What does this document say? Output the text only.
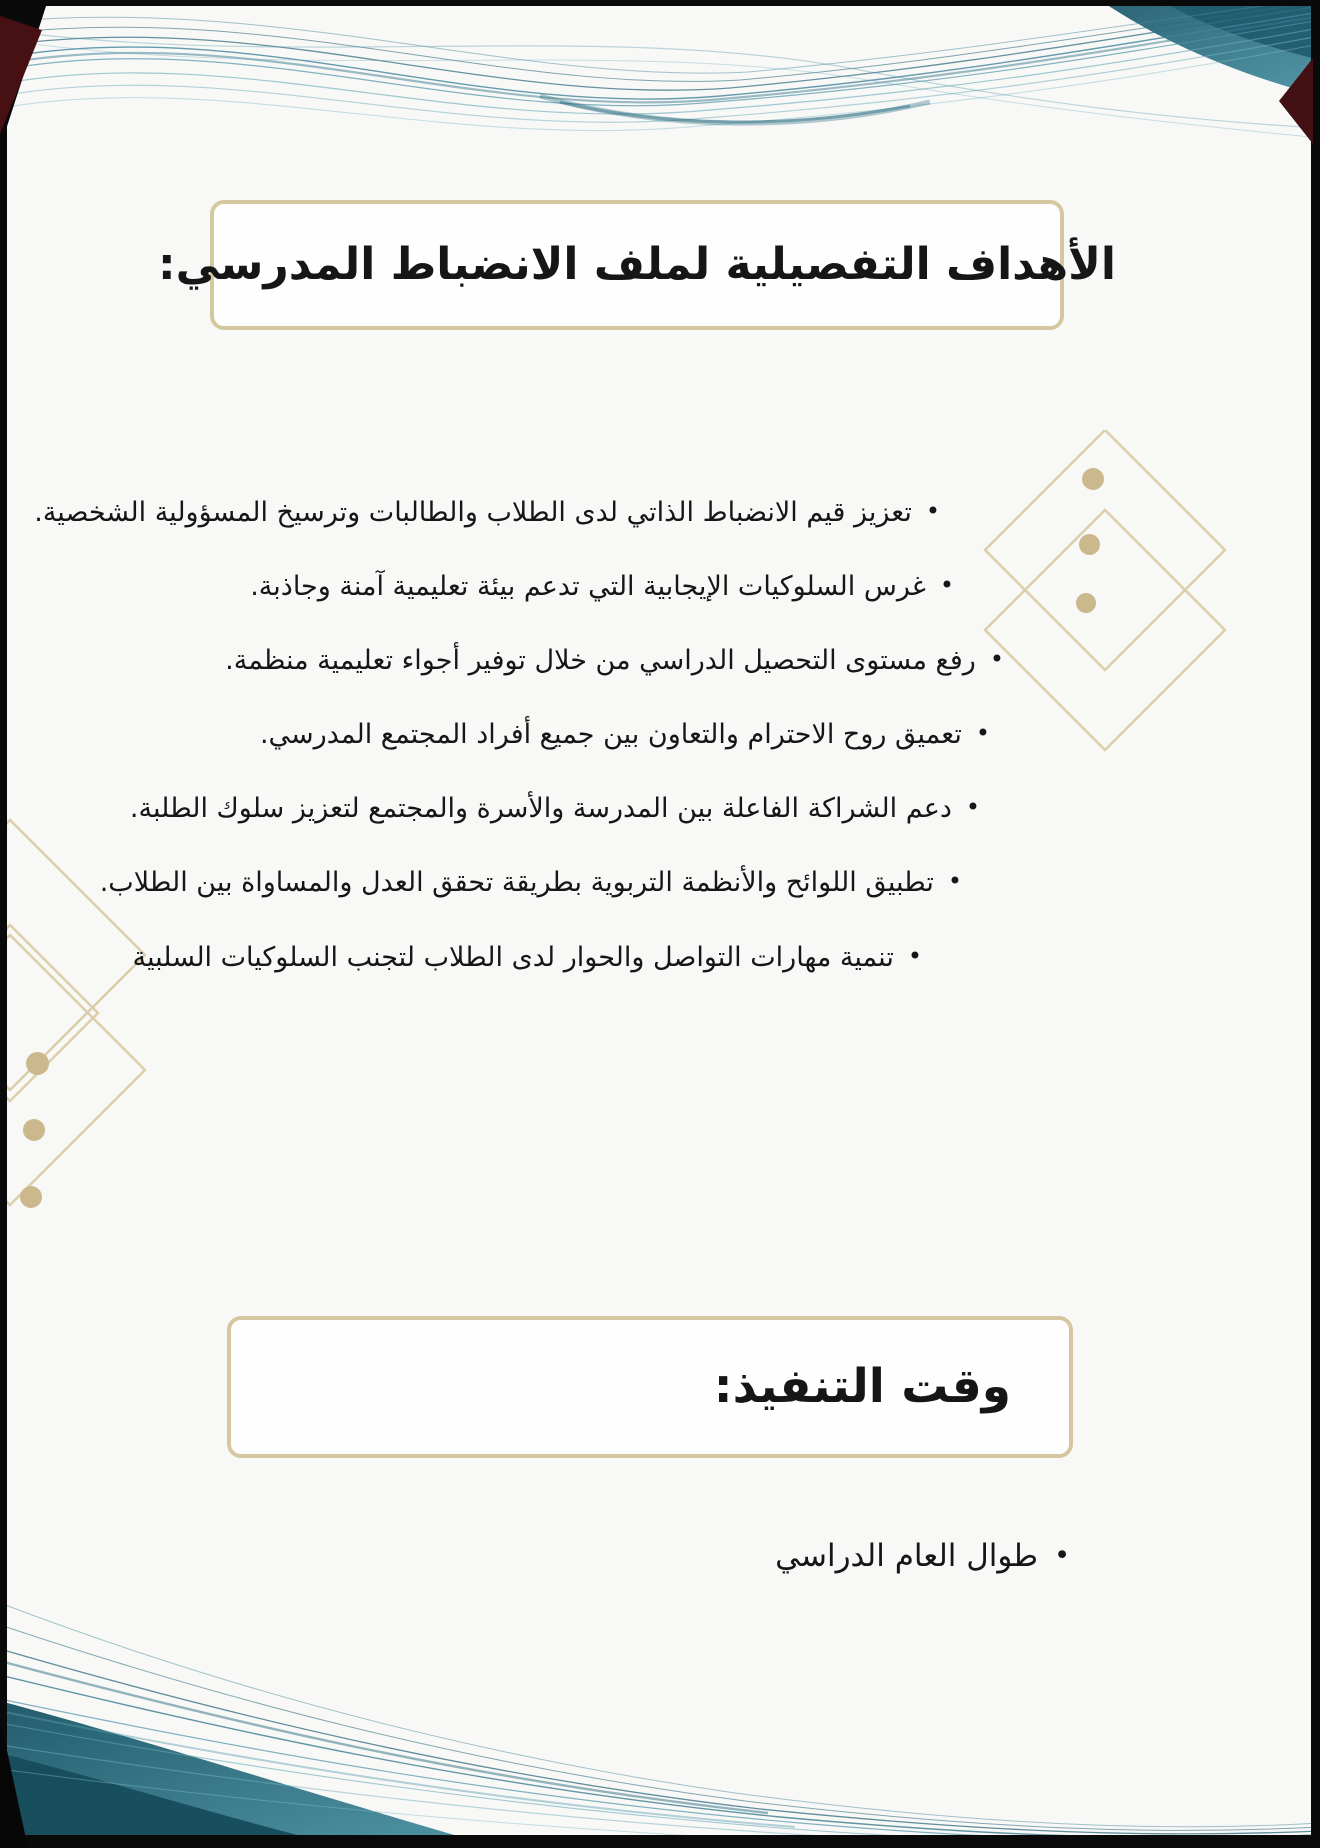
الأهداف التفصيلية لملف الانضباط المدرسي:
•تعزيز قيم الانضباط الذاتي لدى الطلاب والطالبات وترسيخ المسؤولية الشخصية.
•غرس السلوكيات الإيجابية التي تدعم بيئة تعليمية آمنة وجاذبة.
•رفع مستوى التحصيل الدراسي من خلال توفير أجواء تعليمية منظمة.
•تعميق روح الاحترام والتعاون بين جميع أفراد المجتمع المدرسي.
•دعم الشراكة الفاعلة بين المدرسة والأسرة والمجتمع لتعزيز سلوك الطلبة.
•تطبيق اللوائح والأنظمة التربوية بطريقة تحقق العدل والمساواة بين الطلاب.
•تنمية مهارات التواصل والحوار لدى الطلاب لتجنب السلوكيات السلبية
وقت التنفيذ:
•طوال العام الدراسي
